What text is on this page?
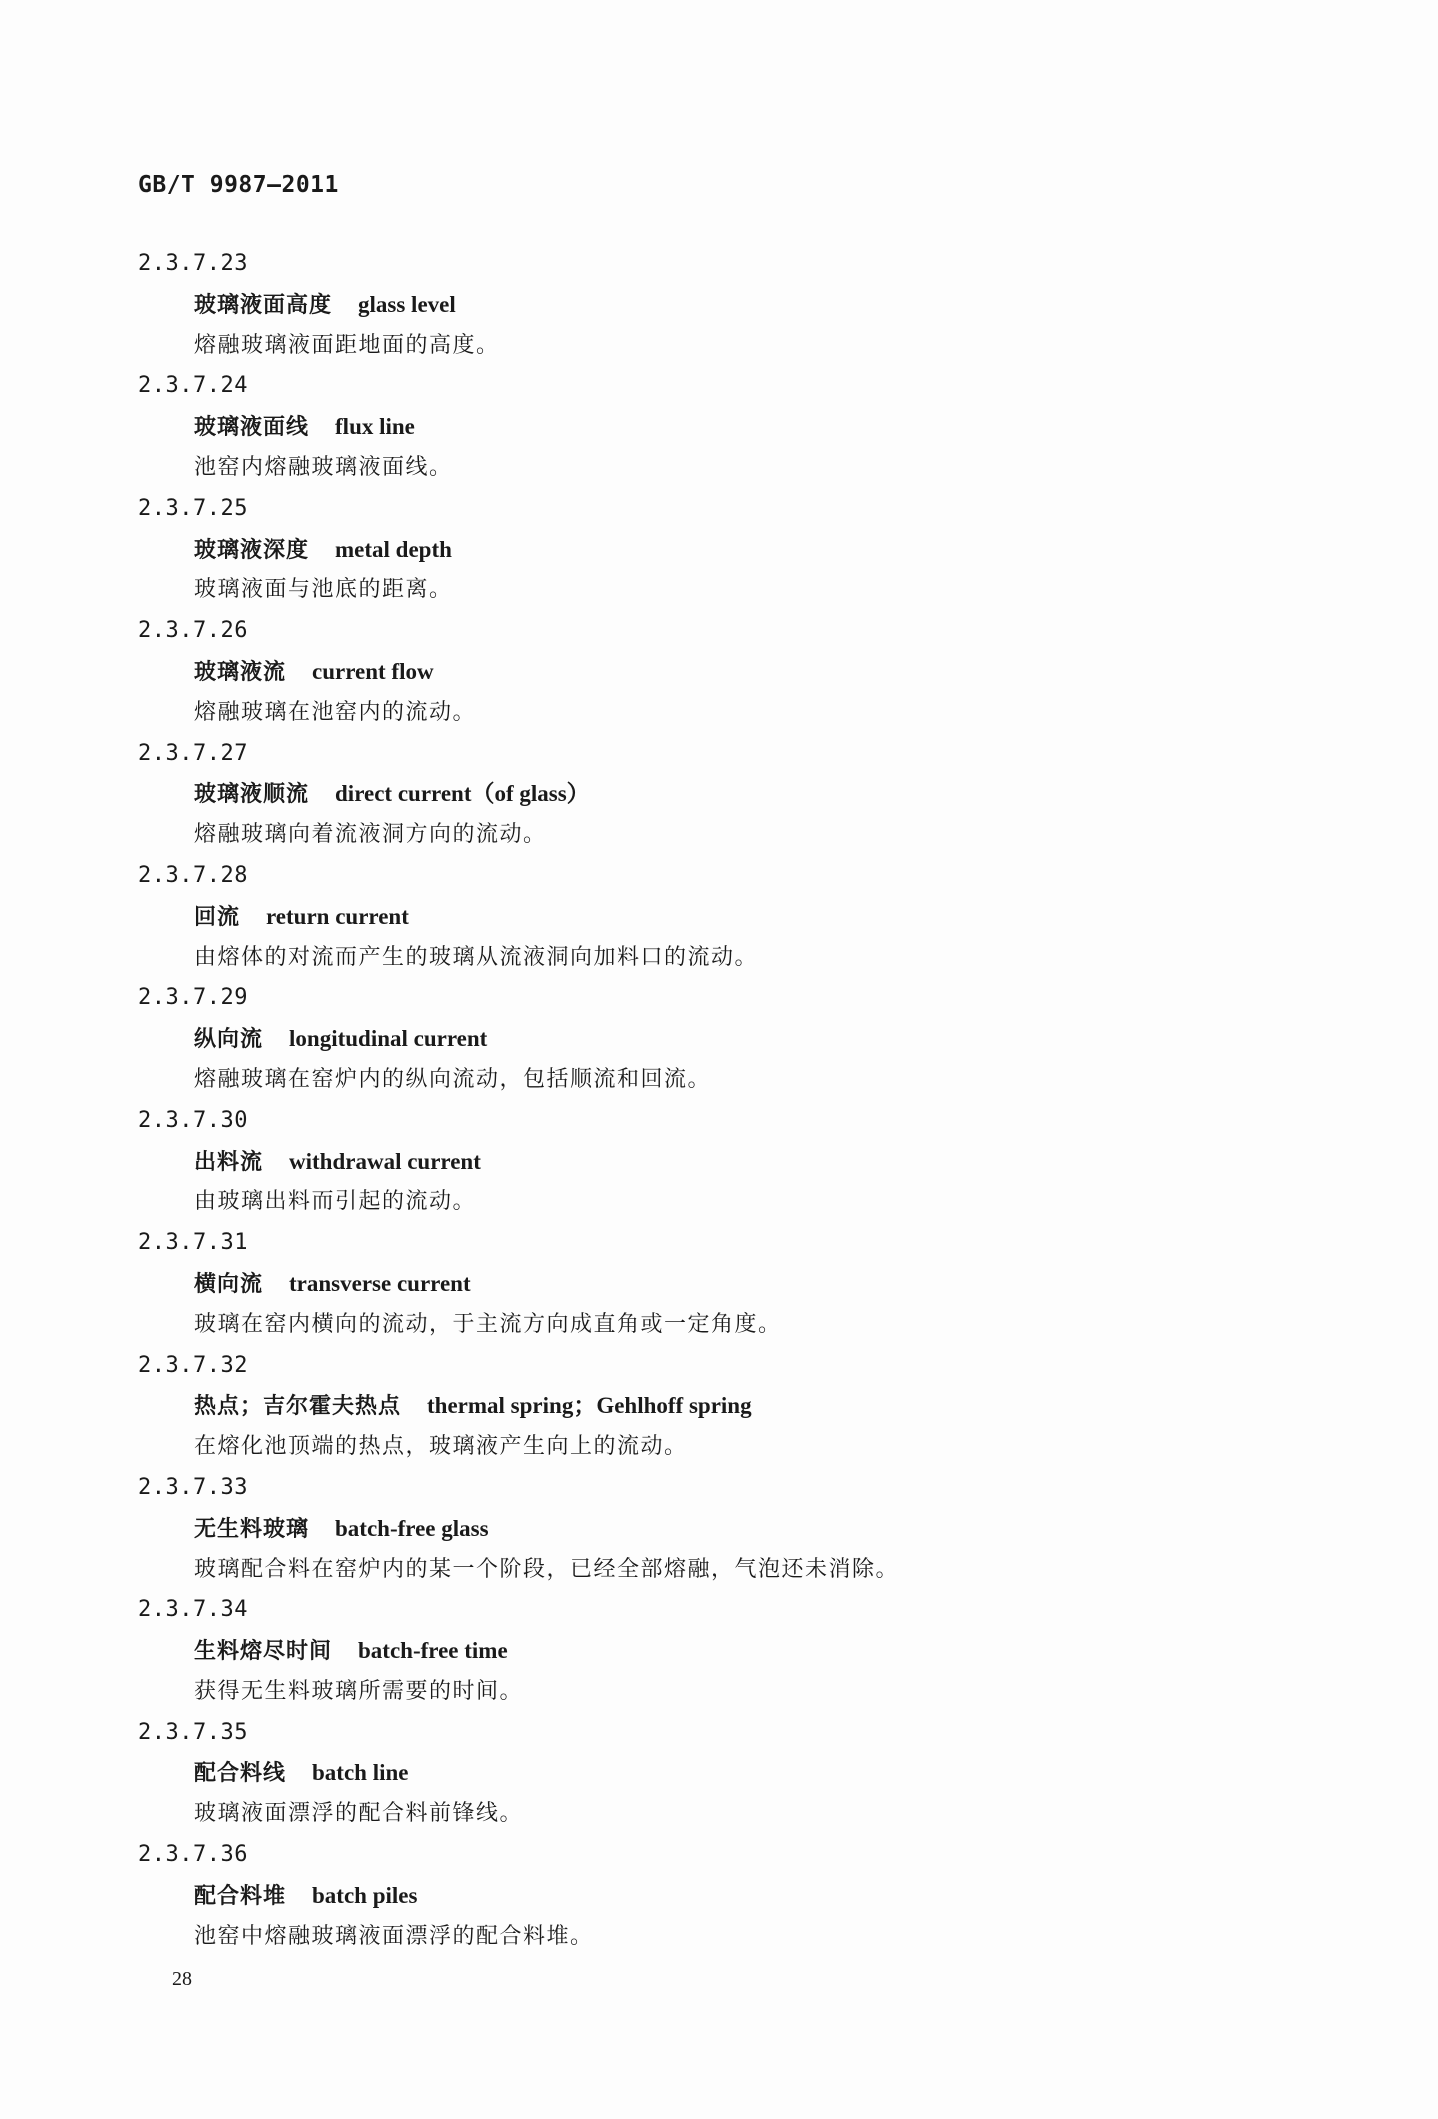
GB/T 9987—2011
2.3.7.23
玻璃液面高度 glass level
熔融玻璃液面距地面的高度。
2.3.7.24
玻璃液面线 flux line
池窑内熔融玻璃液面线。
2.3.7.25
玻璃液深度 metal depth
玻璃液面与池底的距离。
2.3.7.26
玻璃液流 current flow
熔融玻璃在池窑内的流动。
2.3.7.27
玻璃液顺流 direct current（of glass）
熔融玻璃向着流液洞方向的流动。
2.3.7.28
回流 return current
由熔体的对流而产生的玻璃从流液洞向加料口的流动。
2.3.7.29
纵向流 longitudinal current
熔融玻璃在窑炉内的纵向流动，包括顺流和回流。
2.3.7.30
出料流 withdrawal current
由玻璃出料而引起的流动。
2.3.7.31
横向流 transverse current
玻璃在窑内横向的流动，于主流方向成直角或一定角度。
2.3.7.32
热点；吉尔霍夫热点 thermal spring；Gehlhoff spring
在熔化池顶端的热点，玻璃液产生向上的流动。
2.3.7.33
无生料玻璃 batch-free glass
玻璃配合料在窑炉内的某一个阶段，已经全部熔融，气泡还未消除。
2.3.7.34
生料熔尽时间 batch-free time
获得无生料玻璃所需要的时间。
2.3.7.35
配合料线 batch line
玻璃液面漂浮的配合料前锋线。
2.3.7.36
配合料堆 batch piles
池窑中熔融玻璃液面漂浮的配合料堆。
28
